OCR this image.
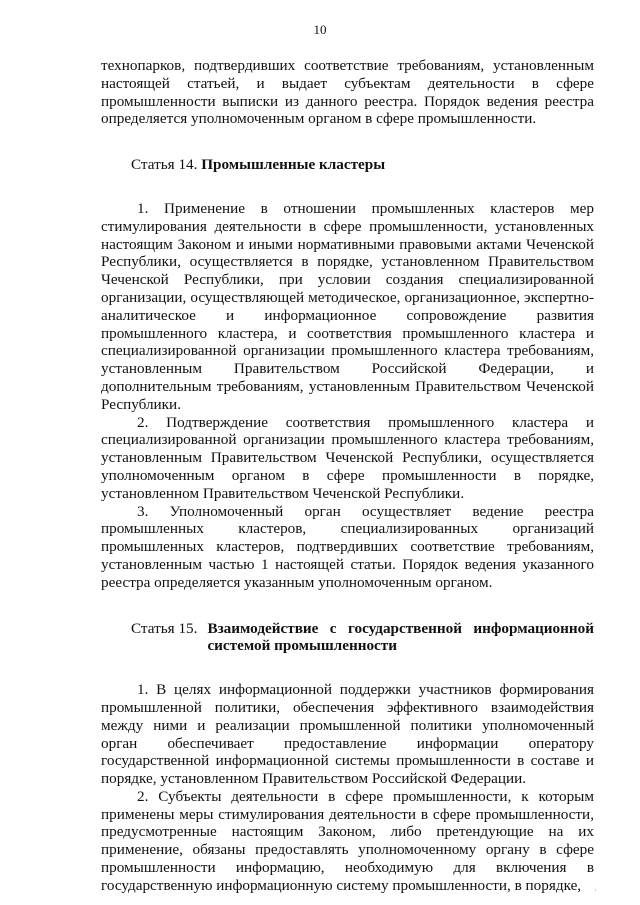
10

технопарков, подтвердивших соответствие требованиям, установленным настоящей статьей, и выдает субъектам деятельности в сфере промышленности выписки из данного реестра. Порядок ведения реестра определяется уполномоченным органом в сфере промышленности.

Статья 14. Промышленные кластеры

1. Применение в отношении промышленных кластеров мер стимулирования деятельности в сфере промышленности, установленных настоящим Законом и иными нормативными правовыми актами Чеченской Республики, осуществляется в порядке, установленном Правительством Чеченской Республики, при условии создания специализированной организации, осуществляющей методическое, организационное, экспертно-аналитическое и информационное сопровождение развития промышленного кластера, и соответствия промышленного кластера и специализированной организации промышленного кластера требованиям, установленным Правительством Российской Федерации, и дополнительным требованиям, установленным Правительством Чеченской Республики.

2. Подтверждение соответствия промышленного кластера и специализированной организации промышленного кластера требованиям, установленным Правительством Чеченской Республики, осуществляется уполномоченным органом в сфере промышленности в порядке, установленном Правительством Чеченской Республики.

3. Уполномоченный орган осуществляет ведение реестра промышленных кластеров, специализированных организаций промышленных кластеров, подтвердивших соответствие требованиям, установленным частью 1 настоящей статьи. Порядок ведения указанного реестра определяется указанным уполномоченным органом.

Статья 15. Взаимодействие с государственной информационной системой промышленности

1. В целях информационной поддержки участников формирования промышленной политики, обеспечения эффективного взаимодействия между ними и реализации промышленной политики уполномоченный орган обеспечивает предоставление информации оператору государственной информационной системы промышленности в составе и порядке, установленном Правительством Российской Федерации.

2. Субъекты деятельности в сфере промышленности, к которым применены меры стимулирования деятельности в сфере промышленности, предусмотренные настоящим Законом, либо претендующие на их применение, обязаны предоставлять уполномоченному органу в сфере промышленности информацию, необходимую для включения в государственную информационную систему промышленности, в порядке,	·
